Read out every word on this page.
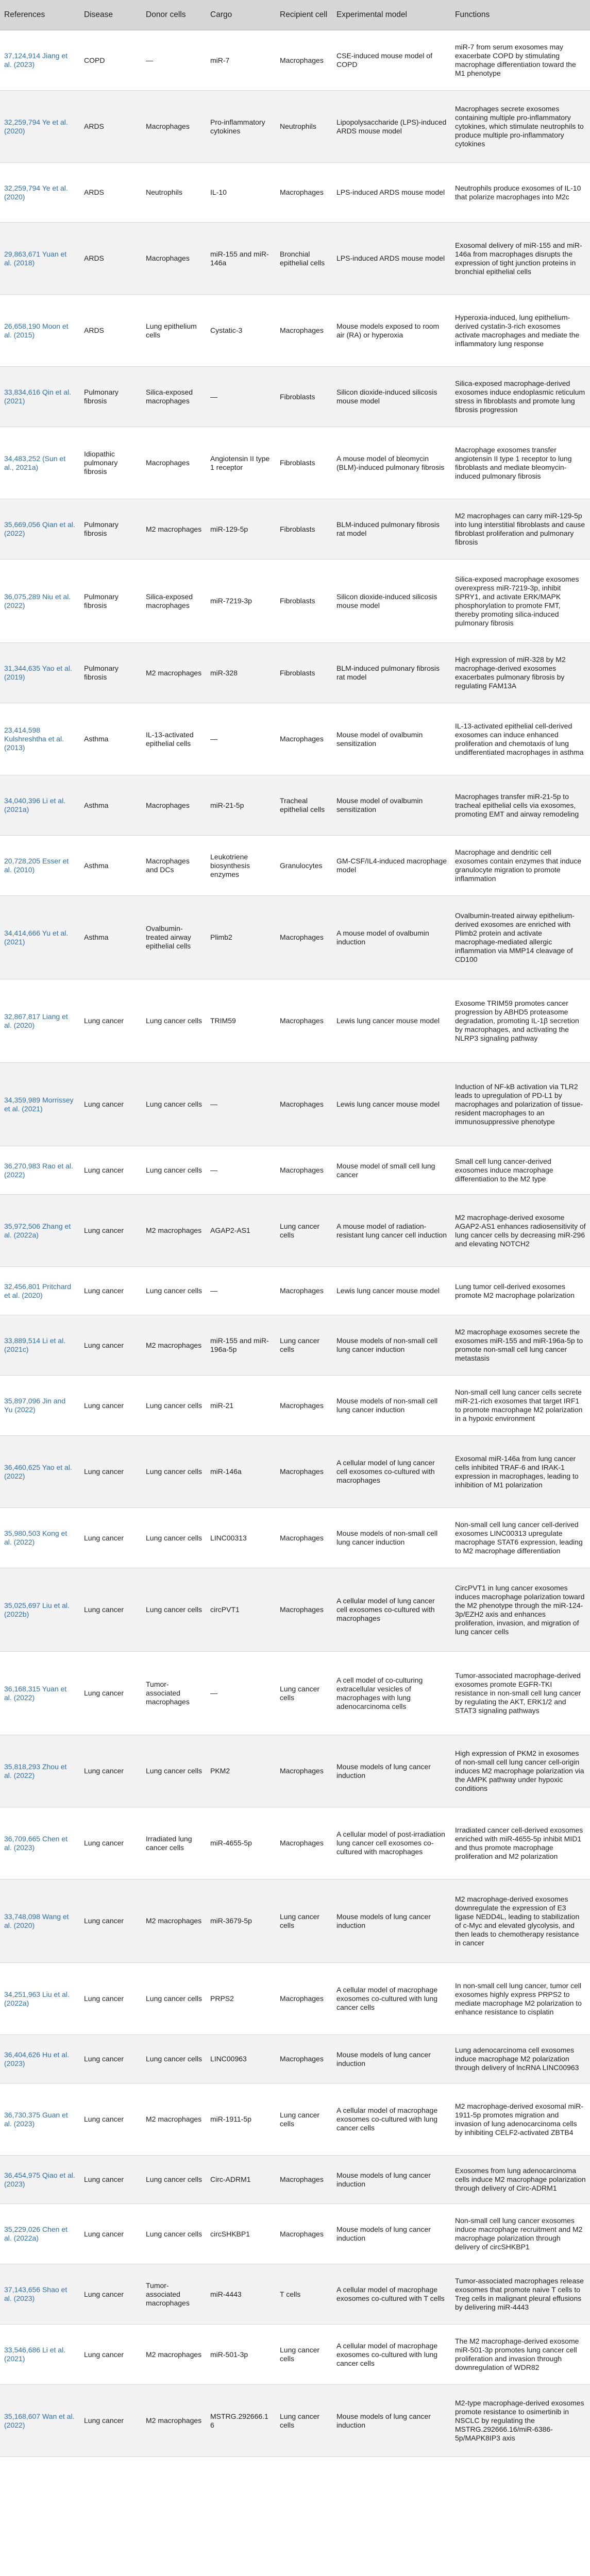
References	Disease	Donor cells	Cargo	Recipient cell	Experimental model	Functions
37,124,914 Jiang et al. (2023)	COPD	—	miR-7	Macrophages	CSE-induced mouse model of COPD	miR-7 from serum exosomes may exacerbate COPD by stimulating macrophage differentiation toward the M1 phenotype
32,259,794 Ye et al. (2020)	ARDS	Macrophages	Pro-inflammatory cytokines	Neutrophils	Lipopolysaccharide (LPS)-induced ARDS mouse model	Macrophages secrete exosomes containing multiple pro-inflammatory cytokines, which stimulate neutrophils to produce multiple pro-inflammatory cytokines
32,259,794 Ye et al. (2020)	ARDS	Neutrophils	IL-10	Macrophages	LPS-induced ARDS mouse model	Neutrophils produce exosomes of IL-10 that polarize macrophages into M2c
29,863,671 Yuan et al. (2018)	ARDS	Macrophages	miR-155 and miR-146a	Bronchial epithelial cells	LPS-induced ARDS mouse model	Exosomal delivery of miR-155 and miR-146a from macrophages disrupts the expression of tight junction proteins in bronchial epithelial cells
26,658,190 Moon et al. (2015)	ARDS	Lung epithelium cells	Cystatic-3	Macrophages	Mouse models exposed to room air (RA) or hyperoxia	Hyperoxia-induced, lung epithelium-derived cystatin-3-rich exosomes activate macrophages and mediate the inflammatory lung response
33,834,616 Qin et al. (2021)	Pulmonary fibrosis	Silica-exposed macrophages	—	Fibroblasts	Silicon dioxide-induced silicosis mouse model	Silica-exposed macrophage-derived exosomes induce endoplasmic reticulum stress in fibroblasts and promote lung fibrosis progression
34,483,252 (Sun et al., 2021a)	Idiopathic pulmonary fibrosis	Macrophages	Angiotensin II type 1 receptor	Fibroblasts	A mouse model of bleomycin (BLM)-induced pulmonary fibrosis	Macrophage exosomes transfer angiotensin II type 1 receptor to lung fibroblasts and mediate bleomycin-induced pulmonary fibrosis
35,669,056 Qian et al. (2022)	Pulmonary fibrosis	M2 macrophages	miR-129-5p	Fibroblasts	BLM-induced pulmonary fibrosis rat model	M2 macrophages can carry miR-129-5p into lung interstitial fibroblasts and cause fibroblast proliferation and pulmonary fibrosis
36,075,289 Niu et al. (2022)	Pulmonary fibrosis	Silica-exposed macrophages	miR-7219-3p	Fibroblasts	Silicon dioxide-induced silicosis mouse model	Silica-exposed macrophage exosomes overexpress miR-7219-3p, inhibit SPRY1, and activate ERK/MAPK phosphorylation to promote FMT, thereby promoting silica-induced pulmonary fibrosis
31,344,635 Yao et al. (2019)	Pulmonary fibrosis	M2 macrophages	miR-328	Fibroblasts	BLM-induced pulmonary fibrosis rat model	High expression of miR-328 by M2 macrophage-derived exosomes exacerbates pulmonary fibrosis by regulating FAM13A
23,414,598 Kulshreshtha et al. (2013)	Asthma	IL-13-activated epithelial cells	—	Macrophages	Mouse model of ovalbumin sensitization	IL-13-activated epithelial cell-derived exosomes can induce enhanced proliferation and chemotaxis of lung undifferentiated macrophages in asthma
34,040,396 Li et al. (2021a)	Asthma	Macrophages	miR-21-5p	Tracheal epithelial cells	Mouse model of ovalbumin sensitization	Macrophages transfer miR-21-5p to tracheal epithelial cells via exosomes, promoting EMT and airway remodeling
20,728,205 Esser et al. (2010)	Asthma	Macrophages and DCs	Leukotriene biosynthesis enzymes	Granulocytes	GM-CSF/IL4-induced macrophage model	Macrophage and dendritic cell exosomes contain enzymes that induce granulocyte migration to promote inflammation
34,414,666 Yu et al. (2021)	Asthma	Ovalbumin-treated airway epithelial cells	Plimb2	Macrophages	A mouse model of ovalbumin induction	Ovalbumin-treated airway epithelium-derived exosomes are enriched with Plimb2 protein and activate macrophage-mediated allergic inflammation via MMP14 cleavage of CD100
32,867,817 Liang et al. (2020)	Lung cancer	Lung cancer cells	TRIM59	Macrophages	Lewis lung cancer mouse model	Exosome TRIM59 promotes cancer progression by ABHD5 proteasome degradation, promoting IL-1β secretion by macrophages, and activating the NLRP3 signaling pathway
34,359,989 Morrissey et al. (2021)	Lung cancer	Lung cancer cells	—	Macrophages	Lewis lung cancer mouse model	Induction of NF-kB activation via TLR2 leads to upregulation of PD-L1 by macrophages and polarization of tissue-resident macrophages to an immunosuppressive phenotype
36,270,983 Rao et al. (2022)	Lung cancer	Lung cancer cells	—	Macrophages	Mouse model of small cell lung cancer	Small cell lung cancer-derived exosomes induce macrophage differentiation to the M2 type
35,972,506 Zhang et al. (2022a)	Lung cancer	M2 macrophages	AGAP2-AS1	Lung cancer cells	A mouse model of radiation-resistant lung cancer cell induction	M2 macrophage-derived exosome AGAP2-AS1 enhances radiosensitivity of lung cancer cells by decreasing miR-296 and elevating NOTCH2
32,456,801 Pritchard et al. (2020)	Lung cancer	Lung cancer cells	—	Macrophages	Lewis lung cancer mouse model	Lung tumor cell-derived exosomes promote M2 macrophage polarization
33,889,514 Li et al. (2021c)	Lung cancer	M2 macrophages	miR-155 and miR-196a-5p	Lung cancer cells	Mouse models of non-small cell lung cancer induction	M2 macrophage exosomes secrete the exosomes miR-155 and miR-196a-5p to promote non-small cell lung cancer metastasis
35,897,096 Jin and Yu (2022)	Lung cancer	Lung cancer cells	miR-21	Macrophages	Mouse models of non-small cell lung cancer induction	Non-small cell lung cancer cells secrete miR-21-rich exosomes that target IRF1 to promote macrophage M2 polarization in a hypoxic environment
36,460,625 Yao et al. (2022)	Lung cancer	Lung cancer cells	miR-146a	Macrophages	A cellular model of lung cancer cell exosomes co-cultured with macrophages	Exosomal miR-146a from lung cancer cells inhibited TRAF-6 and IRAK-1 expression in macrophages, leading to inhibition of M1 polarization
35,980,503 Kong et al. (2022)	Lung cancer	Lung cancer cells	LINC00313	Macrophages	Mouse models of non-small cell lung cancer induction	Non-small cell lung cancer cell-derived exosomes LINC00313 upregulate macrophage STAT6 expression, leading to M2 macrophage differentiation
35,025,697 Liu et al. (2022b)	Lung cancer	Lung cancer cells	circPVT1	Macrophages	A cellular model of lung cancer cell exosomes co-cultured with macrophages	CircPVT1 in lung cancer exosomes induces macrophage polarization toward the M2 phenotype through the miR-124-3p/EZH2 axis and enhances proliferation, invasion, and migration of lung cancer cells
36,168,315 Yuan et al. (2022)	Lung cancer	Tumor-associated macrophages	—	Lung cancer cells	A cell model of co-culturing extracellular vesicles of macrophages with lung adenocarcinoma cells	Tumor-associated macrophage-derived exosomes promote EGFR-TKI resistance in non-small cell lung cancer by regulating the AKT, ERK1/2 and STAT3 signaling pathways
35,818,293 Zhou et al. (2022)	Lung cancer	Lung cancer cells	PKM2	Macrophages	Mouse models of lung cancer induction	High expression of PKM2 in exosomes of non-small cell lung cancer cell-origin induces M2 macrophage polarization via the AMPK pathway under hypoxic conditions
36,709,665 Chen et al. (2023)	Lung cancer	Irradiated lung cancer cells	miR-4655-5p	Macrophages	A cellular model of post-irradiation lung cancer cell exosomes co-cultured with macrophages	Irradiated cancer cell-derived exosomes enriched with miR-4655-5p inhibit MID1 and thus promote macrophage proliferation and M2 polarization
33,748,098 Wang et al. (2020)	Lung cancer	M2 macrophages	miR-3679-5p	Lung cancer cells	Mouse models of lung cancer induction	M2 macrophage-derived exosomes downregulate the expression of E3 ligase NEDD4L, leading to stabilization of c-Myc and elevated glycolysis, and then leads to chemotherapy resistance in cancer
34,251,963 Liu et al. (2022a)	Lung cancer	Lung cancer cells	PRPS2	Macrophages	A cellular model of macrophage exosomes co-cultured with lung cancer cells	In non-small cell lung cancer, tumor cell exosomes highly express PRPS2 to mediate macrophage M2 polarization to enhance resistance to cisplatin
36,404,626 Hu et al. (2023)	Lung cancer	Lung cancer cells	LINC00963	Macrophages	Mouse models of lung cancer induction	Lung adenocarcinoma cell exosomes induce macrophage M2 polarization through delivery of lncRNA LINC00963
36,730,375 Guan et al. (2023)	Lung cancer	M2 macrophages	miR-1911-5p	Lung cancer cells	A cellular model of macrophage exosomes co-cultured with lung cancer cells	M2 macrophage-derived exosomal miR-1911-5p promotes migration and invasion of lung adenocarcinoma cells by inhibiting CELF2-activated ZBTB4
36,454,975 Qiao et al. (2023)	Lung cancer	Lung cancer cells	Circ-ADRM1	Macrophages	Mouse models of lung cancer induction	Exosomes from lung adenocarcinoma cells induce M2 macrophage polarization through delivery of Circ-ADRM1
35,229,026 Chen et al. (2022a)	Lung cancer	Lung cancer cells	circSHKBP1	Macrophages	Mouse models of lung cancer induction	Non-small cell lung cancer exosomes induce macrophage recruitment and M2 macrophage polarization through delivery of circSHKBP1
37,143,656 Shao et al. (2023)	Lung cancer	Tumor-associated macrophages	miR-4443	T cells	A cellular model of macrophage exosomes co-cultured with T cells	Tumor-associated macrophages release exosomes that promote naive T cells to Treg cells in malignant pleural effusions by delivering miR-4443
33,546,686 Li et al. (2021)	Lung cancer	M2 macrophages	miR-501-3p	Lung cancer cells	A cellular model of macrophage exosomes co-cultured with lung cancer cells	The M2 macrophage-derived exosome miR-501-3p promotes lung cancer cell proliferation and invasion through downregulation of WD​R82
35,168,607 Wan et al. (2022)	Lung cancer	M2 macrophages	MSTRG.292666.16	Lung cancer cells	Mouse models of lung cancer induction	M2-type macrophage-derived exosomes promote resistance to osimertinib in NSCLC by regulating the MSTRG.292666.16/miR-6386-5p/MAPK8IP3 axis
